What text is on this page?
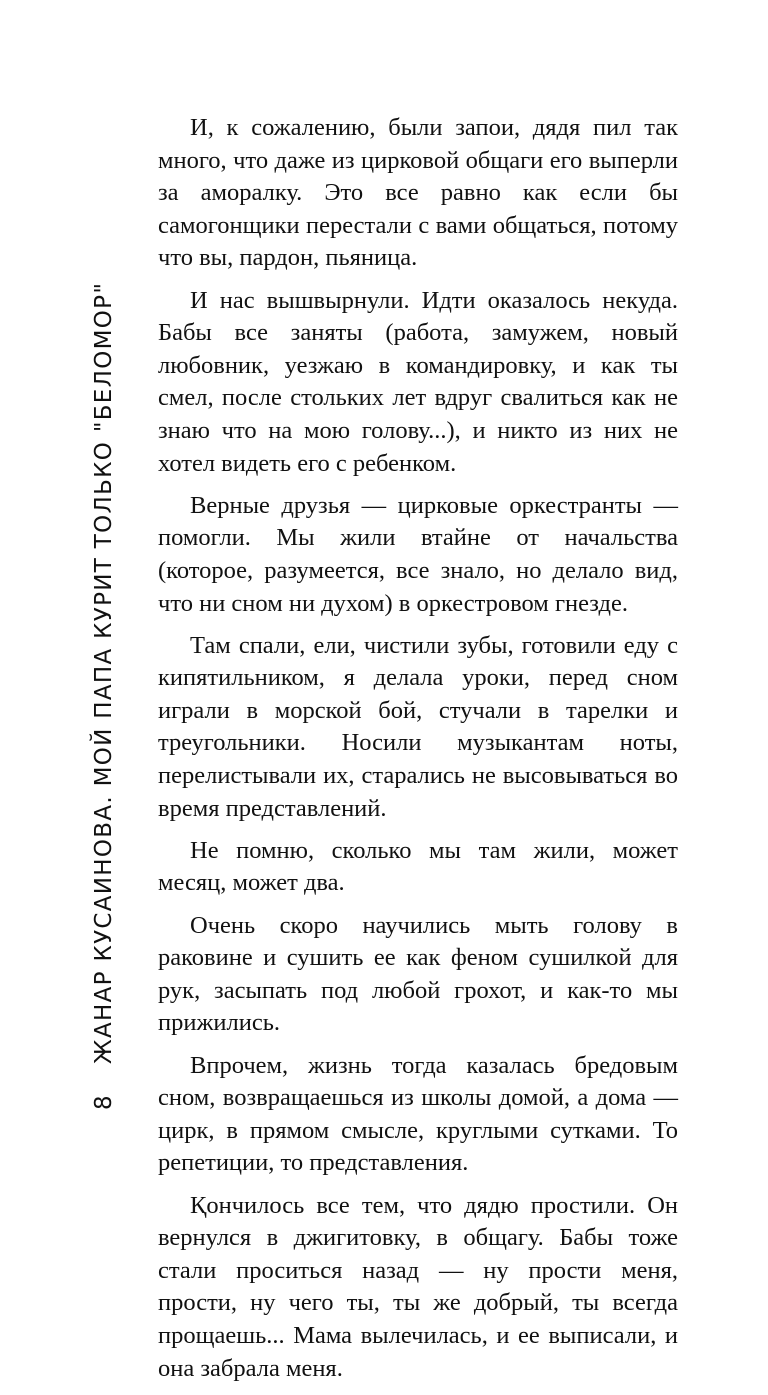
8
ЖАНАР КУСАИНОВА. МОЙ ПАПА КУРИТ ТОЛЬКО "БЕЛОМОР"

И, к сожалению, были запои, дядя пил так много, что даже из цирковой общаги его выперли за аморалку. Это все равно как если бы самогонщики перестали с вами общаться, потому что вы, пардон, пьяница.

И нас вышвырнули. Идти оказалось некуда. Бабы все заняты (работа, замужем, новый любовник, уезжаю в командировку, и как ты смел, после стольких лет вдруг свалиться как не знаю что на мою голову...), и никто из них не хотел видеть его с ребенком.

Верные друзья — цирковые оркестранты — помогли. Мы жили втайне от начальства (которое, разумеется, все знало, но делало вид, что ни сном ни духом) в оркестровом гнезде.

Там спали, ели, чистили зубы, готовили еду с кипятильником, я делала уроки, перед сном играли в морской бой, стучали в тарелки и треугольники. Носили музыкантам ноты, перелистывали их, старались не высовываться во время представлений.

Не помню, сколько мы там жили, может месяц, может два.

Очень скоро научились мыть голову в раковине и сушить ее как феном сушилкой для рук, засыпать под любой грохот, и как-то мы прижились.

Впрочем, жизнь тогда казалась бредовым сном, возвращаешься из школы домой, а дома — цирк, в прямом смысле, круглыми сутками. То репетиции, то представления.

Қончилось все тем, что дядю простили. Он вернулся в джигитовку, в общагу. Бабы тоже стали проситься назад — ну прости меня, прости, ну чего ты, ты же добрый, ты всегда прощаешь... Мама вылечилась, и ее выписали, и она забрала меня.
